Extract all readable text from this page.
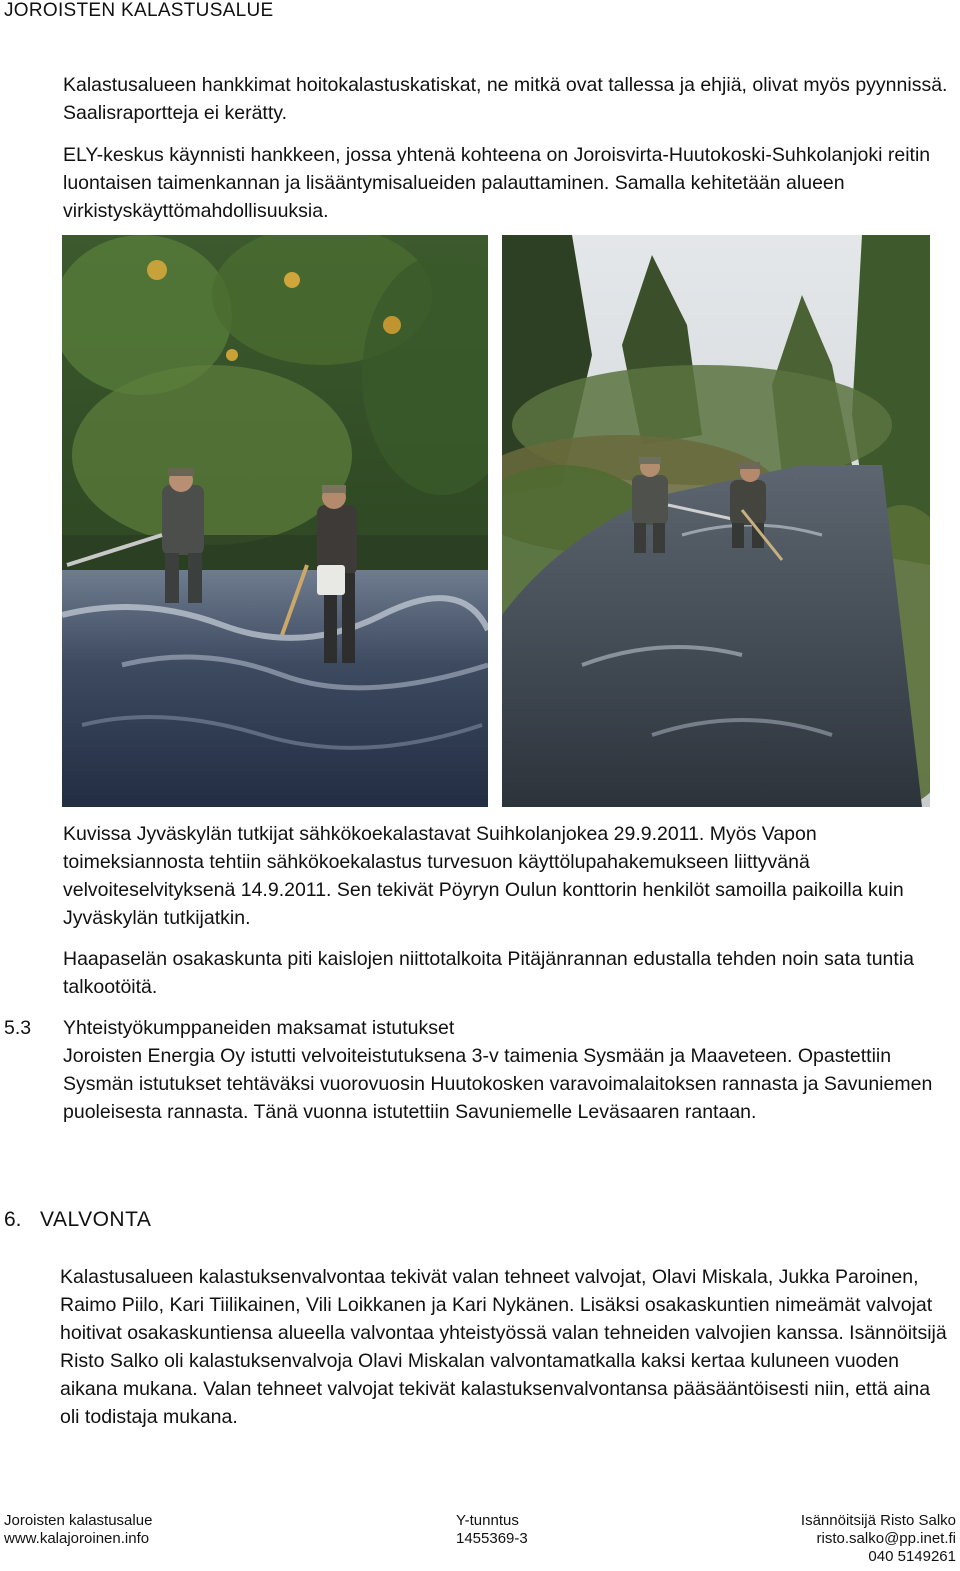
JOROISTEN KALASTUSALUE

Kalastusalueen hankkimat hoitokalastuskatiskat, ne mitkä ovat tallessa ja ehjiä, olivat myös pyynnissä. Saalisraportteja ei kerätty.

ELY-keskus käynnisti hankkeen, jossa yhtenä kohteena on Joroisvirta-Huutokoski-Suhkolanjoki reitin luontaisen taimenkannan ja lisääntymisalueiden palauttaminen. Samalla kehitetään alueen virkistyskäyttömahdollisuuksia.

Kuvissa Jyväskylän tutkijat sähkökoekalastavat Suihkolanjokea 29.9.2011. Myös Vapon toimeksiannosta tehtiin sähkökoekalastus turvesuon käyttölupahakemukseen liittyvänä velvoiteselvityksenä 14.9.2011. Sen tekivät Pöyryn Oulun konttorin henkilöt samoilla paikoilla kuin Jyväskylän tutkijatkin.

Haapaselän osakaskunta piti kaislojen niittotalkoita Pitäjänrannan edustalla tehden noin sata tuntia talkootöitä.

5.3 Yhteistyökumppaneiden maksamat istutukset

Joroisten Energia Oy istutti velvoiteistutuksena 3-v taimenia Sysmään ja Maaveteen. Opastettiin Sysmän istutukset tehtäväksi vuorovuosin Huutokosken varavoimalaitoksen rannasta ja Savuniemen puoleisesta rannasta. Tänä vuonna istutettiin Savuniemelle Leväsaaren rantaan.

6. VALVONTA

Kalastusalueen kalastuksenvalvontaa tekivät valan tehneet valvojat, Olavi Miskala, Jukka Paroinen, Raimo Piilo, Kari Tiilikainen, Vili Loikkanen ja Kari Nykänen. Lisäksi osakaskuntien nimeämät valvojat hoitivat osakaskuntiensa alueella valvontaa yhteistyössä valan tehneiden valvojien kanssa. Isännöitsijä Risto Salko oli kalastuksenvalvoja Olavi Miskalan valvontamatkalla kaksi kertaa kuluneen vuoden aikana mukana. Valan tehneet valvojat tekivät kalastuksenvalvontansa pääsääntöisesti niin, että aina oli todistaja mukana.

Joroisten kalastusalue
www.kalajoroinen.info
Y-tunntus
1455369-3
Isännöitsijä Risto Salko
risto.salko@pp.inet.fi
040 5149261
